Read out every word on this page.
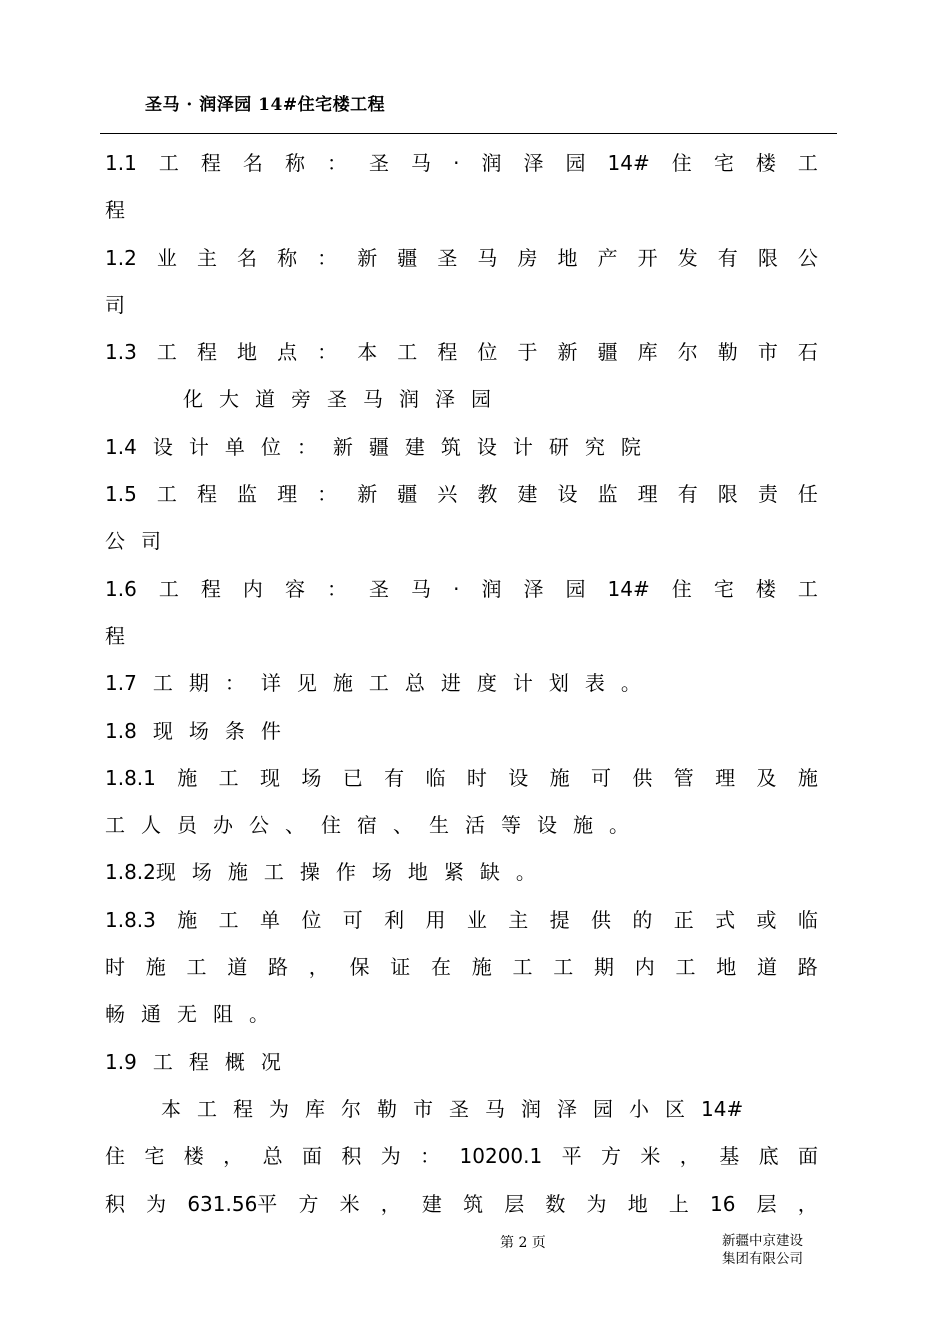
圣马 · 润泽园 14#住宅楼工程
1.1 工 程 名 称 ： 圣 马 · 润 泽 园 14# 住 宅 楼 工
程
1.2 业 主 名 称 ： 新 疆 圣 马 房 地 产 开 发 有 限 公
司
1.3 工 程 地 点 ： 本 工 程 位 于 新 疆 库 尔 勒 市 石
化 大 道 旁 圣 马 润 泽 园
1.4 设 计 单 位 ： 新 疆 建 筑 设 计 研 究 院
1.5 工 程 监 理 ： 新 疆 兴 教 建 设 监 理 有 限 责 任
公 司
1.6 工 程 内 容 ： 圣 马 · 润 泽 园 14# 住 宅 楼 工
程
1.7 工 期 ： 详 见 施 工 总 进 度 计 划 表 。
1.8 现 场 条 件
1.8.1 施 工 现 场 已 有 临 时 设 施 可 供 管 理 及 施
工 人 员 办 公 、 住 宿 、 生 活 等 设 施 。
1.8.2现 场 施 工 操 作 场 地 紧 缺 。
1.8.3 施 工 单 位 可 利 用 业 主 提 供 的 正 式 或 临
时 施 工 道 路 ， 保 证 在 施 工 工 期 内 工 地 道 路
畅 通 无 阻 。
1.9 工 程 概 况
本 工 程 为 库 尔 勒 市 圣 马 润 泽 园 小 区 14#
住 宅 楼 ， 总 面 积 为 ： 10200.1 平 方 米 ， 基 底 面
积 为 631.56平 方 米 ， 建 筑 层 数 为 地 上 16 层 ，
第 2 页	新疆中京建设
集团有限公司
